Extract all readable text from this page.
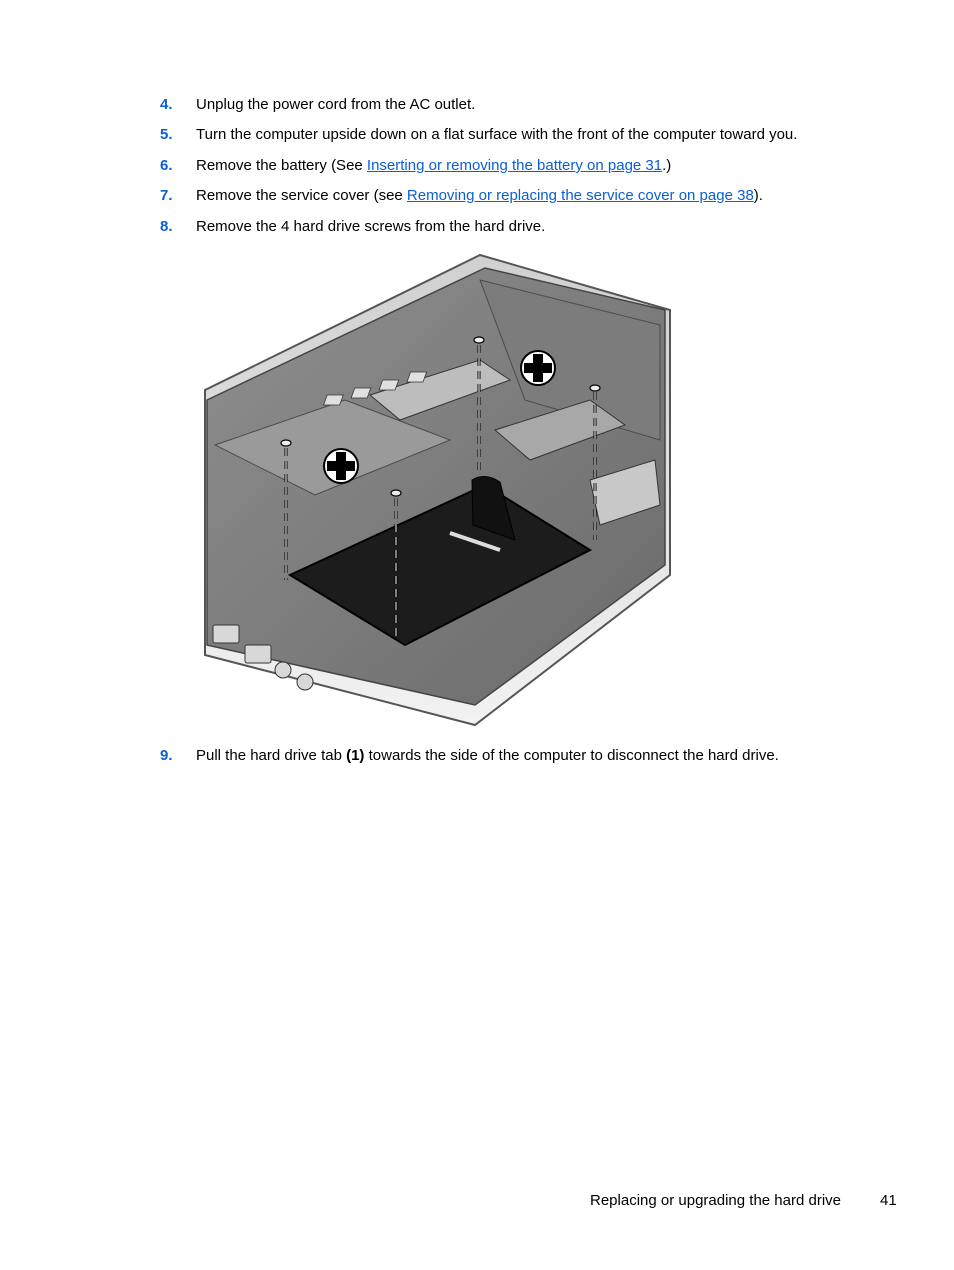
4. Unplug the power cord from the AC outlet.
5. Turn the computer upside down on a flat surface with the front of the computer toward you.
6. Remove the battery (See Inserting or removing the battery on page 31.)
7. Remove the service cover (see Removing or replacing the service cover on page 38).
8. Remove the 4 hard drive screws from the hard drive.
9. Pull the hard drive tab (1) towards the side of the computer to disconnect the hard drive.
Replacing or upgrading the hard drive	41
